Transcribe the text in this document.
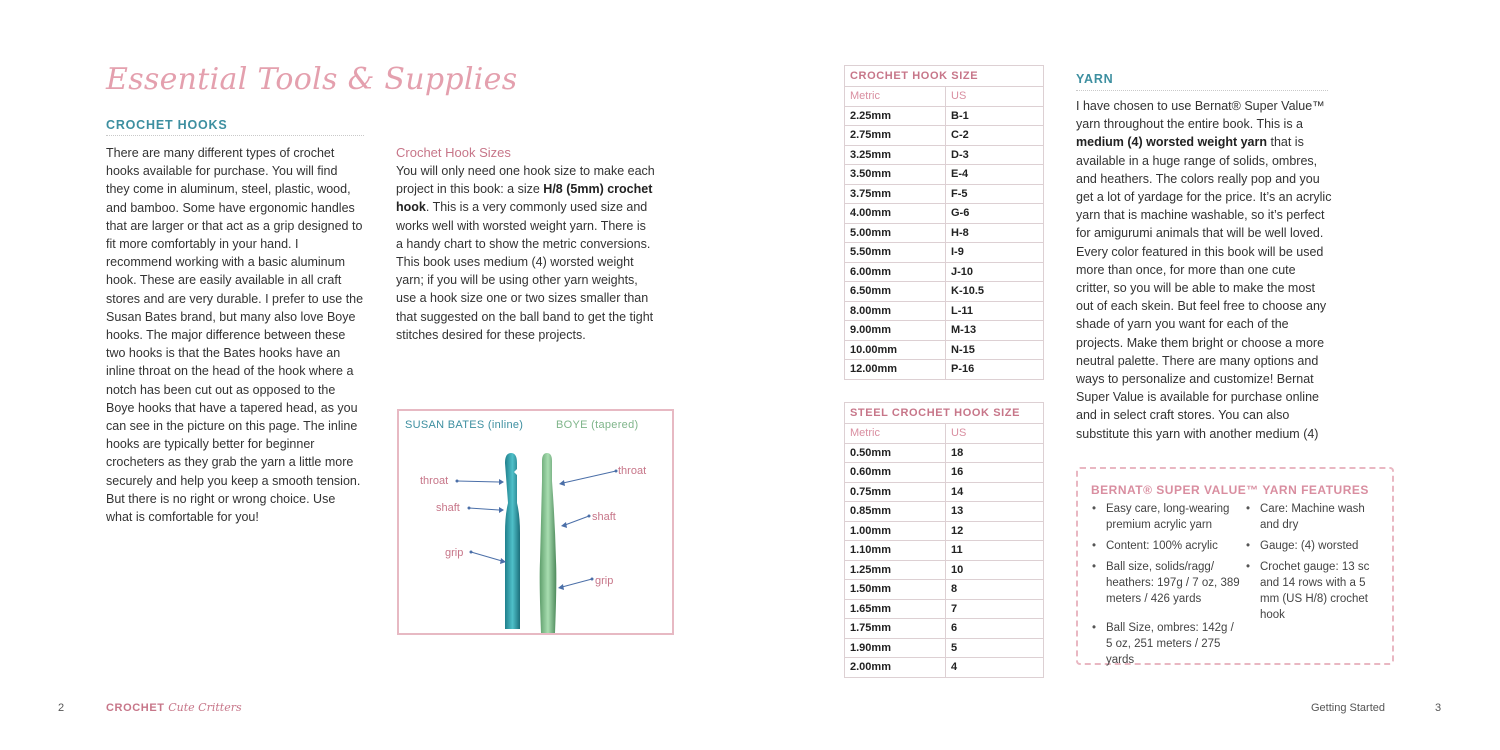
Essential Tools & Supplies
CROCHET HOOKS

There are many different types of crochet hooks available for purchase. You will find they come in aluminum, steel, plastic, wood, and bamboo. Some have ergonomic handles that are larger or that act as a grip designed to fit more comfortably in your hand. I recommend working with a basic aluminum hook. These are easily available in all craft stores and are very durable. I prefer to use the Susan Bates brand, but many also love Boye hooks. The major difference between these two hooks is that the Bates hooks have an inline throat on the head of the hook where a notch has been cut out as opposed to the Boye hooks that have a tapered head, as you can see in the picture on this page. The inline hooks are typically better for beginner crocheters as they grab the yarn a little more securely and help you keep a smooth tension. But there is no right or wrong choice. Use what is comfortable for you!

Crochet Hook Sizes

You will only need one hook size to make each project in this book: a size H/8 (5mm) crochet hook. This is a very commonly used size and works well with worsted weight yarn. There is a handy chart to show the metric conversions. This book uses medium (4) worsted weight yarn; if you will be using other yarn weights, use a hook size one or two sizes smaller than that suggested on the ball band to get the tight stitches desired for these projects.

SUSAN BATES (inline)	BOYE (tapered)
throat
shaft
grip
throat
shaft
grip
CROCHET HOOK SIZE	
Metric	US
2.25mm	B-1
2.75mm	C-2
3.25mm	D-3
3.50mm	E-4
3.75mm	F-5
4.00mm	G-6
5.00mm	H-8
5.50mm	I-9
6.00mm	J-10
6.50mm	K-10.5
8.00mm	L-11
9.00mm	M-13
10.00mm	N-15
12.00mm	P-16
STEEL CROCHET HOOK SIZE	
Metric	US
0.50mm	18
0.60mm	16
0.75mm	14
0.85mm	13
1.00mm	12
1.10mm	11
1.25mm	10
1.50mm	8
1.65mm	7
1.75mm	6
1.90mm	5
2.00mm	4
YARN

I have chosen to use Bernat® Super Value™ yarn throughout the entire book. This is a medium (4) worsted weight yarn that is available in a huge range of solids, ombres, and heathers. The colors really pop and you get a lot of yardage for the price. It’s an acrylic yarn that is machine washable, so it’s perfect for amigurumi animals that will be well loved. Every color featured in this book will be used more than once, for more than one cute critter, so you will be able to make the most out of each skein. But feel free to choose any shade of yarn you want for each of the projects. Make them bright or choose a more neutral palette. There are many options and ways to personalize and customize! Bernat Super Value is available for purchase online and in select craft stores. You can also substitute this yarn with another medium (4)

BERNAT® SUPER VALUE™ YARN FEATURES
• Easy care, long-wearing premium acrylic yarn
• Content: 100% acrylic
• Ball size, solids/ragg/ heathers: 197g / 7 oz, 389 meters / 426 yards
• Ball Size, ombres: 142g / 5 oz, 251 meters / 275 yards
• Care: Machine wash and dry
• Gauge: (4) worsted
• Crochet gauge: 13 sc and 14 rows with a 5 mm (US H/8) crochet hook
2	CROCHET Cute Critters	Getting Started	3
